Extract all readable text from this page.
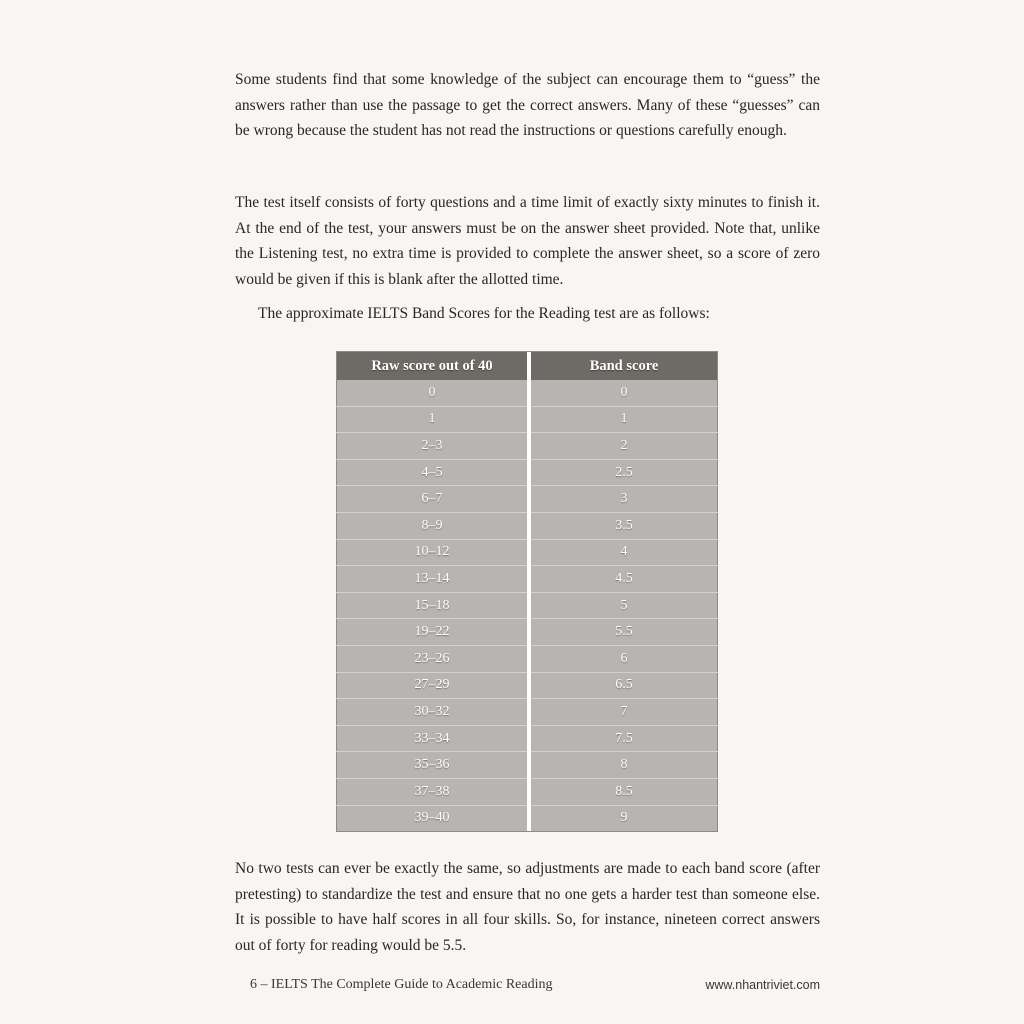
Some students find that some knowledge of the subject can encourage them to “guess” the answers rather than use the passage to get the correct answers. Many of these “guesses” can be wrong because the student has not read the instructions or questions carefully enough.

The test itself consists of forty questions and a time limit of exactly sixty minutes to finish it. At the end of the test, your answers must be on the answer sheet provided. Note that, unlike the Listening test, no extra time is provided to complete the answer sheet, so a score of zero would be given if this is blank after the allotted time.

The approximate IELTS Band Scores for the Reading test are as follows:

Raw score out of 40		Band score
0		0
1		1
2–3		2
4–5		2.5
6–7		3
8–9		3.5
10–12		4
13–14		4.5
15–18		5
19–22		5.5
23–26		6
27–29		6.5
30–32		7
33–34		7.5
35–36		8
37–38		8.5
39–40		9

No two tests can ever be exactly the same, so adjustments are made to each band score (after pretesting) to standardize the test and ensure that no one gets a harder test than someone else. It is possible to have half scores in all four skills. So, for instance, nineteen correct answers out of forty for reading would be 5.5.

6 – IELTS The Complete Guide to Academic Reading	www.nhantriviet.com
